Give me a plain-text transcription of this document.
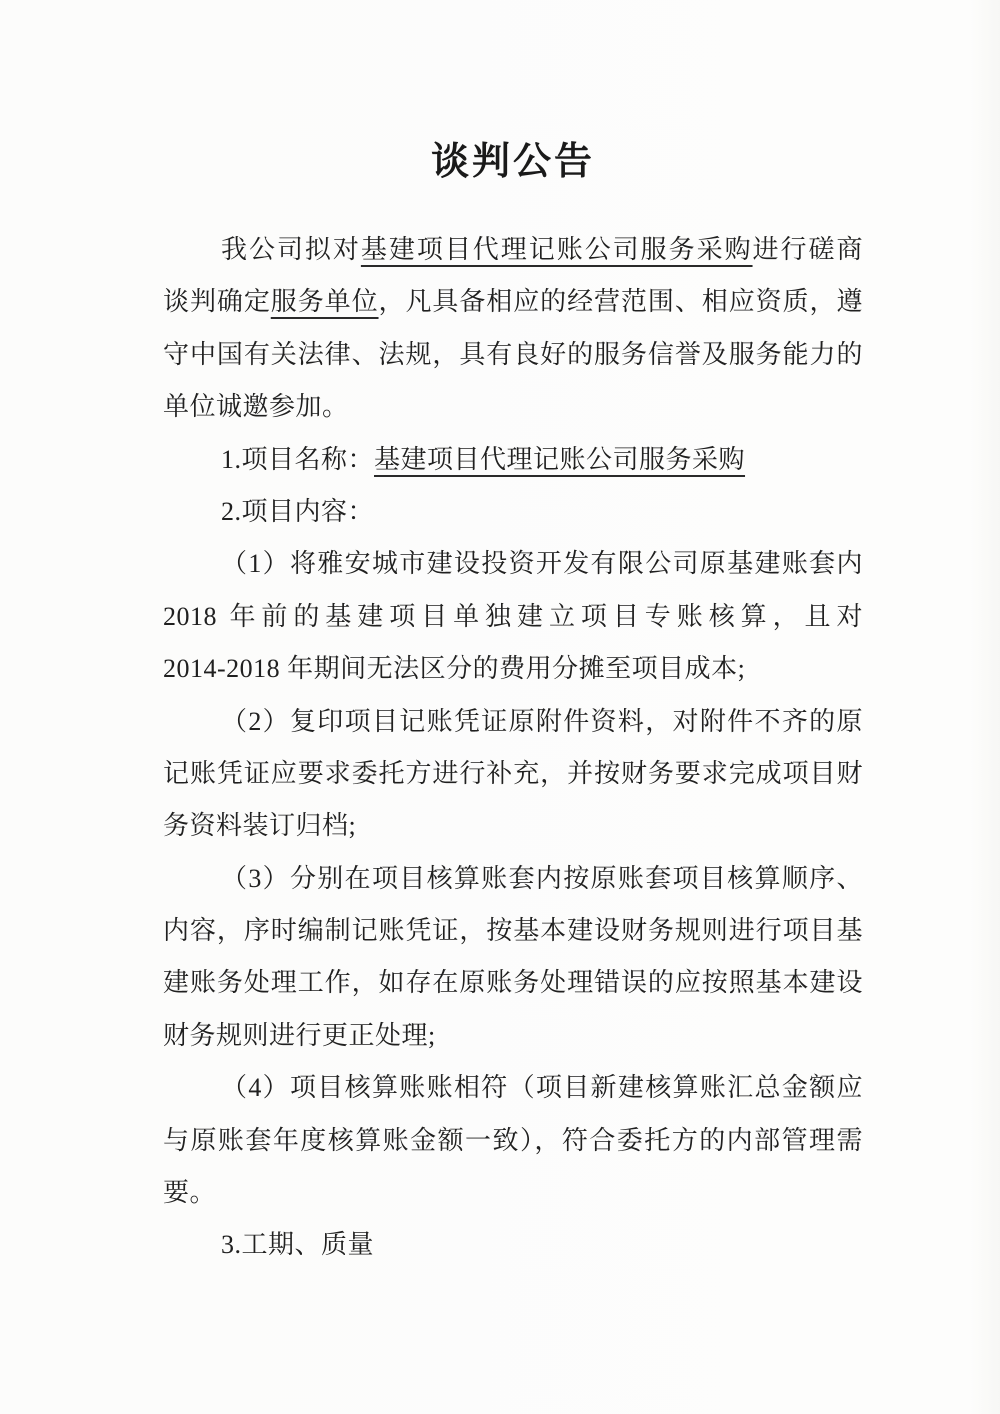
谈判公告
我公司拟对基建项目代理记账公司服务采购进行磋商
谈判确定服务单位，凡具备相应的经营范围、相应资质，遵
守中国有关法律、法规，具有良好的服务信誉及服务能力的
单位诚邀参加。
1.项目名称：基建项目代理记账公司服务采购
2.项目内容：
（1）将雅安城市建设投资开发有限公司原基建账套内
2018 年前的基建项目单独建立项目专账核算，且对
2014-2018 年期间无法区分的费用分摊至项目成本;
（2）复印项目记账凭证原附件资料，对附件不齐的原
记账凭证应要求委托方进行补充，并按财务要求完成项目财
务资料装订归档;
（3）分别在项目核算账套内按原账套项目核算顺序、
内容，序时编制记账凭证，按基本建设财务规则进行项目基
建账务处理工作，如存在原账务处理错误的应按照基本建设
财务规则进行更正处理;
（4）项目核算账账相符（项目新建核算账汇总金额应
与原账套年度核算账金额一致），符合委托方的内部管理需
要。
3.工期、质量
